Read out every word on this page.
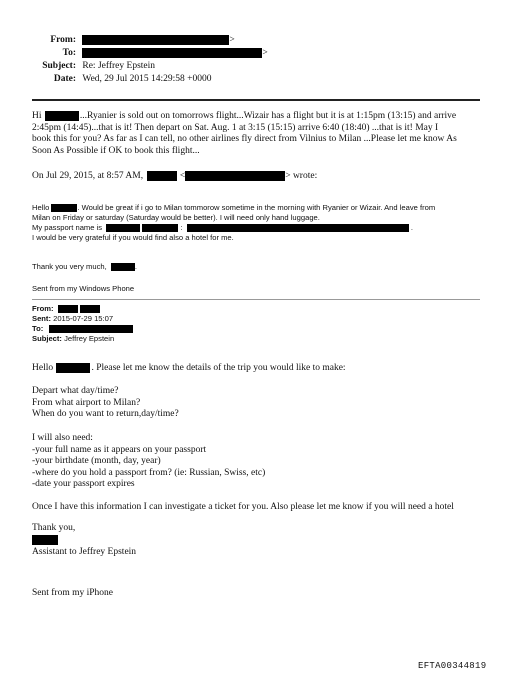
From:	>
To:	>
Subject: Re: Jeffrey Epstein
Date: Wed, 29 Jul 2015 14:29:58 +0000
Hi	...Ryanier is sold out on tomorrows flight...Wizair has a flight but it is at 1:15pm (13:15) and arrive
2:45pm (14:45)...that is it! Then depart on Sat. Aug. 1 at 3:15 (15:15) arrive 6:40 (18:40) ...that is it! May I
book this for you? As far as I can tell, no other airlines fly direct from Vilnius to Milan ...Please let me know As
Soon As Possible if OK to book this flight...
On Jul 29, 2015, at 8:57 AM,	<	> wrote:
Hello	. Would be great if i go to Milan tommorow sometime in the morning with Ryanier or Wizair. And leave from
Milan on Friday or saturday (Saturday would be better). I will need only hand luggage.
My passport name is	:	.
I would be very grateful if you would find also a hotel for me.
Thank you very much,	.
Sent from my Windows Phone
From:
Sent: 2015-07-29 15:07
To:
Subject: Jeffrey Epstein
Hello	. Please let me know the details of the trip you would like to make:
Depart what day/time?
From what airport to Milan?
When do you want to return,day/time?
I will also need:
-your full name as it appears on your passport
-your birthdate (month, day, year)
-where do you hold a passport from? (ie: Russian, Swiss, etc)
-date your passport expires
Once I have this information I can investigate a ticket for you. Also please let me know if you will need a hotel
Thank you,
Assistant to Jeffrey Epstein
Sent from my iPhone
EFTA00344819
